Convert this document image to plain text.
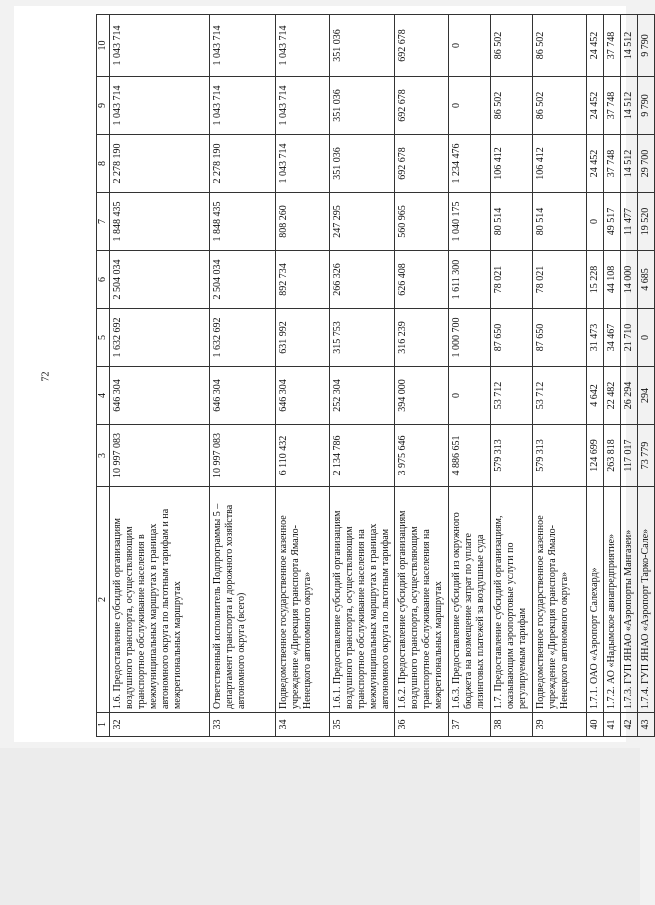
72
1	2	3	4	5	6	7	8	9	10
32	1.6. Предоставление субсидий организациям воздушного транспорта, осуществляющим транспортное обслуживание населения в межмуниципальных маршрутах в границах автономного округа по льготным тарифам и на межрегиональных маршрутах	10 997 083	646 304	1 632 692	2 504 034	1 848 435	2 278 190	1 043 714	1 043 714
33	Ответственный исполнитель Подпрограммы 5 – департамент транспорта и дорожного хозяйства автономного округа (всего)	10 997 083	646 304	1 632 692	2 504 034	1 848 435	2 278 190	1 043 714	1 043 714
34	Подведомственное государственное казенное учреждение «Дирекция транспорта Ямало-Ненецкого автономного округа»	6 110 432	646 304	631 992	892 734	808 260	1 043 714	1 043 714	1 043 714
35	1.6.1. Предоставление субсидий организациям воздушного транспорта, осуществляющим транспортное обслуживание населения на межмуниципальных маршрутах в границах автономного округа по льготным тарифам	2 134 786	252 304	315 753	266 326	247 295	351 036	351 036	351 036
36	1.6.2. Предоставление субсидий организациям воздушного транспорта, осуществляющим транспортное обслуживание населения на межрегиональных маршрутах	3 975 646	394 000	316 239	626 408	560 965	692 678	692 678	692 678
37	1.6.3. Предоставление субсидий из окружного бюджета на возмещение затрат по уплате лизинговых платежей за воздушные суда	4 886 651	0	1 000 700	1 611 300	1 040 175	1 234 476	0	0
38	1.7. Предоставление субсидий организациям, оказывающим аэропортовые услуги по регулируемым тарифам	579 313	53 712	87 650	78 021	80 514	106 412	86 502	86 502
39	Подведомственное государственное казенное учреждение «Дирекция транспорта Ямало-Ненецкого автономного округа»	579 313	53 712	87 650	78 021	80 514	106 412	86 502	86 502
40	1.7.1. ОАО «Аэропорт Салехард»	124 699	4 642	31 473	15 228	0	24 452	24 452	24 452
41	1.7.2. АО «Надымское авиапредприятие»	263 818	22 482	34 467	44 108	49 517	37 748	37 748	37 748
42	1.7.3. ГУП ЯНАО «Аэропорты Мангазеи»	117 017	26 294	21 710	14 000	11 477	14 512	14 512	14 512
43	1.7.4. ГУП ЯНАО «Аэропорт Тарко-Сале»	73 779	294	0	4 685	19 520	29 700	9 790	9 790
